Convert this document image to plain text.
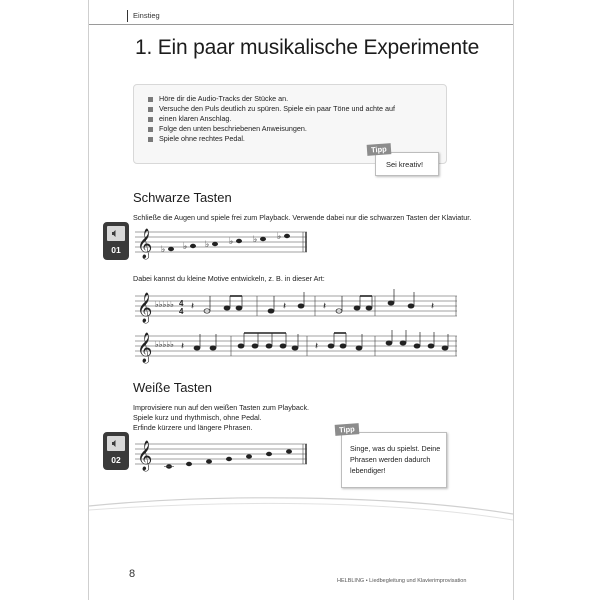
Einstieg
1. Ein paar musikalische Experimente
Höre dir die Audio-Tracks der Stücke an.
Versuche den Puls deutlich zu spüren. Spiele ein paar Töne und achte auf
einen klaren Anschlag.
Folge den unten beschriebenen Anweisungen.
Spiele ohne rechtes Pedal.
Sei kreativ!
Tipp
Schwarze Tasten
Schließe die Augen und spiele frei zum Playback. Verwende dabei nur die schwarzen Tasten der Klaviatur.
01 𝄞 ♭ ♭ ♭ ♭ ♭ ♭
Dabei kannst du kleine Motive entwickeln, z. B. in dieser Art:
𝄞 ♭♭♭♭♭ 4
4 𝄽	𝄽	𝄽	𝄽
𝄞 ♭♭♭♭♭ 𝄽	𝄽
Weiße Tasten
Improvisiere nun auf den weißen Tasten zum Playback.
Spiele kurz und rhythmisch, ohne Pedal.
Erfinde kürzere und längere Phrasen.
02 𝄞	Singe, was du spielst. Deine Phrasen werden dadurch lebendiger!
Tipp
8
HELBLING • Liedbegleitung und Klavierimprovisation
